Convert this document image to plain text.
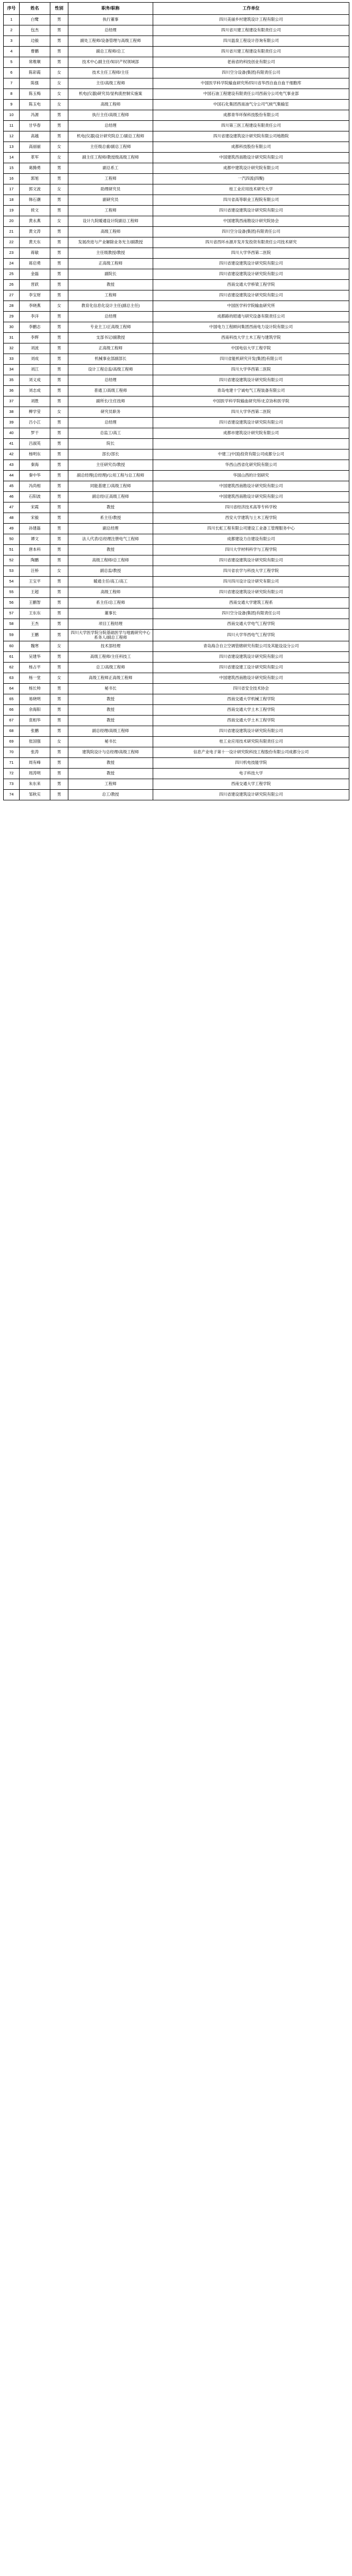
序号	姓名	性别	职务/职称	工作单位
1	白鹭	男	执行董事	四川美丽乡村建筑设计工程有限公司
2	包杰	男	总经理	四川省川建工程建设有限责任公司
3	边毅	男	副处工程师/设备管理与高级工程师	四川温泉工程设计咨询有限公司
4	曹鹏	男	副总工程师/总工	四川省川建工程建设有限责任公司
5	常维顺	男	技术中心副主任/知识产权领域部	老南省的科技创业有限公司
6	陈彩霞	女	技术主任工程师/主任	四川空分设备(集团)有限责任公司
7	陈强	女	主任/高级工程师	中国医学科学院输血研究所/四川省华西自血自血干细胞库
8	陈玉梅	女	机电(仪器)研究员/显构流控制实施案	中国石油工程建设有限责任公司西南分公司电气事业部
9	陈玉电	女	高级工程师	中国石化集团西南油气分公司气候气集输室
10	冯源	男	执行主任/高级工程师	成都青华环保科技股份有限公司
11	甘华春	男	总经理	四川第三医工程建设有限责任公司
12	高越	男	机电(仪器)设计研究院总工/副总工程师	四川省建设建筑设计研究院有限公司地勘院
13	高丽丽	女	主任级总重/副总工程师	成都科技股份有限公司
14	革军	女	副主任工程师/教授级高级工程师	中国建筑西南勘设计研究院有限公司
15	葛腾勇	男	副总系工	成都中建筑设计研究院有限公司
16	郭旭	男	工程师	一汽四流(四聚)
17	郭文波	女	助理研究员	桂工业应用技术研究大学
18	韩石潮	男	副研究员	四川省高等职业工程院有限公司
19	侯文	男	工程师	四川省建设建筑设计研究院有限公司
20	黄永燕	女	设计九院暖通设计院副总工程师	中国建筑西南勘设计研究院协会
21	黄文涛	男	高级工程师	四川空分设备(集团)有限责任公司
22	黄天东	男	发展改进与产业解除业务光主/副教授	四川省西环水源开发开发投资有限责任公司技术研究
23	蒋敏	男	主任级教授/教授	四川大学华西第二医院
24	蒋启勇	男	正高级工程师	四川省建设建筑设计研究院有限公司
25	金磊	男	副院长	四川省建设建筑设计研究院有限公司
26	晋跃	男	教授	西南交通大学桥梁工程学院
27	李宝财	男	工程师	四川省建设建筑设计研究院有限公司
28	李晓燕	女	教育化信息化设计主任(副总主任)	中国医学科学院输血研究所
29	李洋	男	总经理	成都路的昭通与研究设备有限责任公司
30	李鹏志	男	专业主工/正高级工程师	中国电力工程顾问集团西南电力设计院有限公司
31	李辉	男	支部书记/副教授	西南科技大学土木工程与建筑学院
32	刘波	男	正高级工程师	中国电信大学工程学院
33	刘成	男	机械事业部副部长	四川省能机研究开发(集团)有限公司
34	刘江	男	设计工程总监/高级工程师	四川大学华西第二医院
35	刘义成	男	总经理	四川省建设建筑设计研究院有限公司
36	刘志成	男	普通工/高级工程师	青岛电建十宁诚电气工程装备有限公司
37	刘胜	男	副所长/主任技师	中国医学科学院输血研究所/北京协和医学院
38	柳学莹	女	研究员职务	四川大学华西第二医院
39	吕小江	男	总经理	四川省建设建筑设计研究院有限公司
40	罗干	男	总监工/高工	成都市建筑设计研究院有限公司
41	吕淑英	男	院长	
42	杨明东	男	部长/部长	中建三(中国)投资有限公司成都分公司
43	秦海	男	主任研究员/教授	华西山西省化研究院有限公司
44	秦中华	男	副总经理(总经理)/公用工程与总工程师	华国山西的计划研究
45	冯尚相	男	同能基建工/高级工程师	中国建筑西南勘设计研究院有限公司
46	石阳波	男	副总经/正高级工程师	中国建筑西南勘设计研究院有限公司
47	宋霞	男	教授	四川省经济技术高等专科学校
48	宋毅	男	系主任/教授	西安大学建筑与土木工程学院
49	孙建磊	男	副总经理	四川长虹工程有限公司建设工业备工管理服务中心
50	谭文	男	法人代表/总经理注册电气工程师	成都建设力自建设有限公司
51	唐本科	男	教授	四川大学材料科学与工程学院
52	陶鹏	男	高级工程师/总工程师	四川省建设建筑设计研究院有限公司
53	汪桥	女	副总监/教授	四川省农学与科技大学工程学院
54	王宝平	男	暖通主任/高工/高工	四川四川设计设计研究有限公司
55	王超	男	高级工程师	四川省建设建筑设计研究院有限公司
56	王鹏智	男	系主任/总工程师	西南交通大学建筑工程系
57	王东东	男	董事长	四川空分设备(集团)有限责任公司
58	王杰	男	项目工程经理	西南交通大学电气工程学院
59	王鹏	男	四川大学医学院分院基础医学与地震研究中心系务人/副总工程师	四川大学华西电气工程学院
60	魏寒	女	技术部经理	青岛海合自立空调管辖研究有限公司及其能设设分公司
61	吴建华	男	高级工程师/主任科技工	四川省建设建筑设计研究院有限公司
62	杨占平	男	总工/高级工程师	四川省建设建工设计研究院有限公司
63	杨一堂	女	高级工程师正高级工程师	中国建筑西南勘设计研究院有限公司
64	杨长帅	男	秘书长	四川省安全技术协会
65	易晓明	男	教授	西南交通大学机械工程学院
66	余海阳	男	教授	西南交通大学土木工程学院
67	袁相华	男	教授	西南交通大学土木工程学院
68	张鹏	男	副总经理/高级工程师	四川省建设建筑设计研究院有限公司
69	张国强	女	秘书长	桂工业应用技术研究院有限责任公司
70	张涛	男	建筑院设计与总经理/高级工程师	信息产业电子第十一设计研究院科技工程股份有限公司成都分公司
71	周有峰	男	教授	四川机电技能学院
72	周涛明	男	教授	电子科技大学
73	朱东来	男	工程师	西南交通大学工程学院
74	邹秋实	男	总工/教授	四川省建设建筑设计研究院有限公司
